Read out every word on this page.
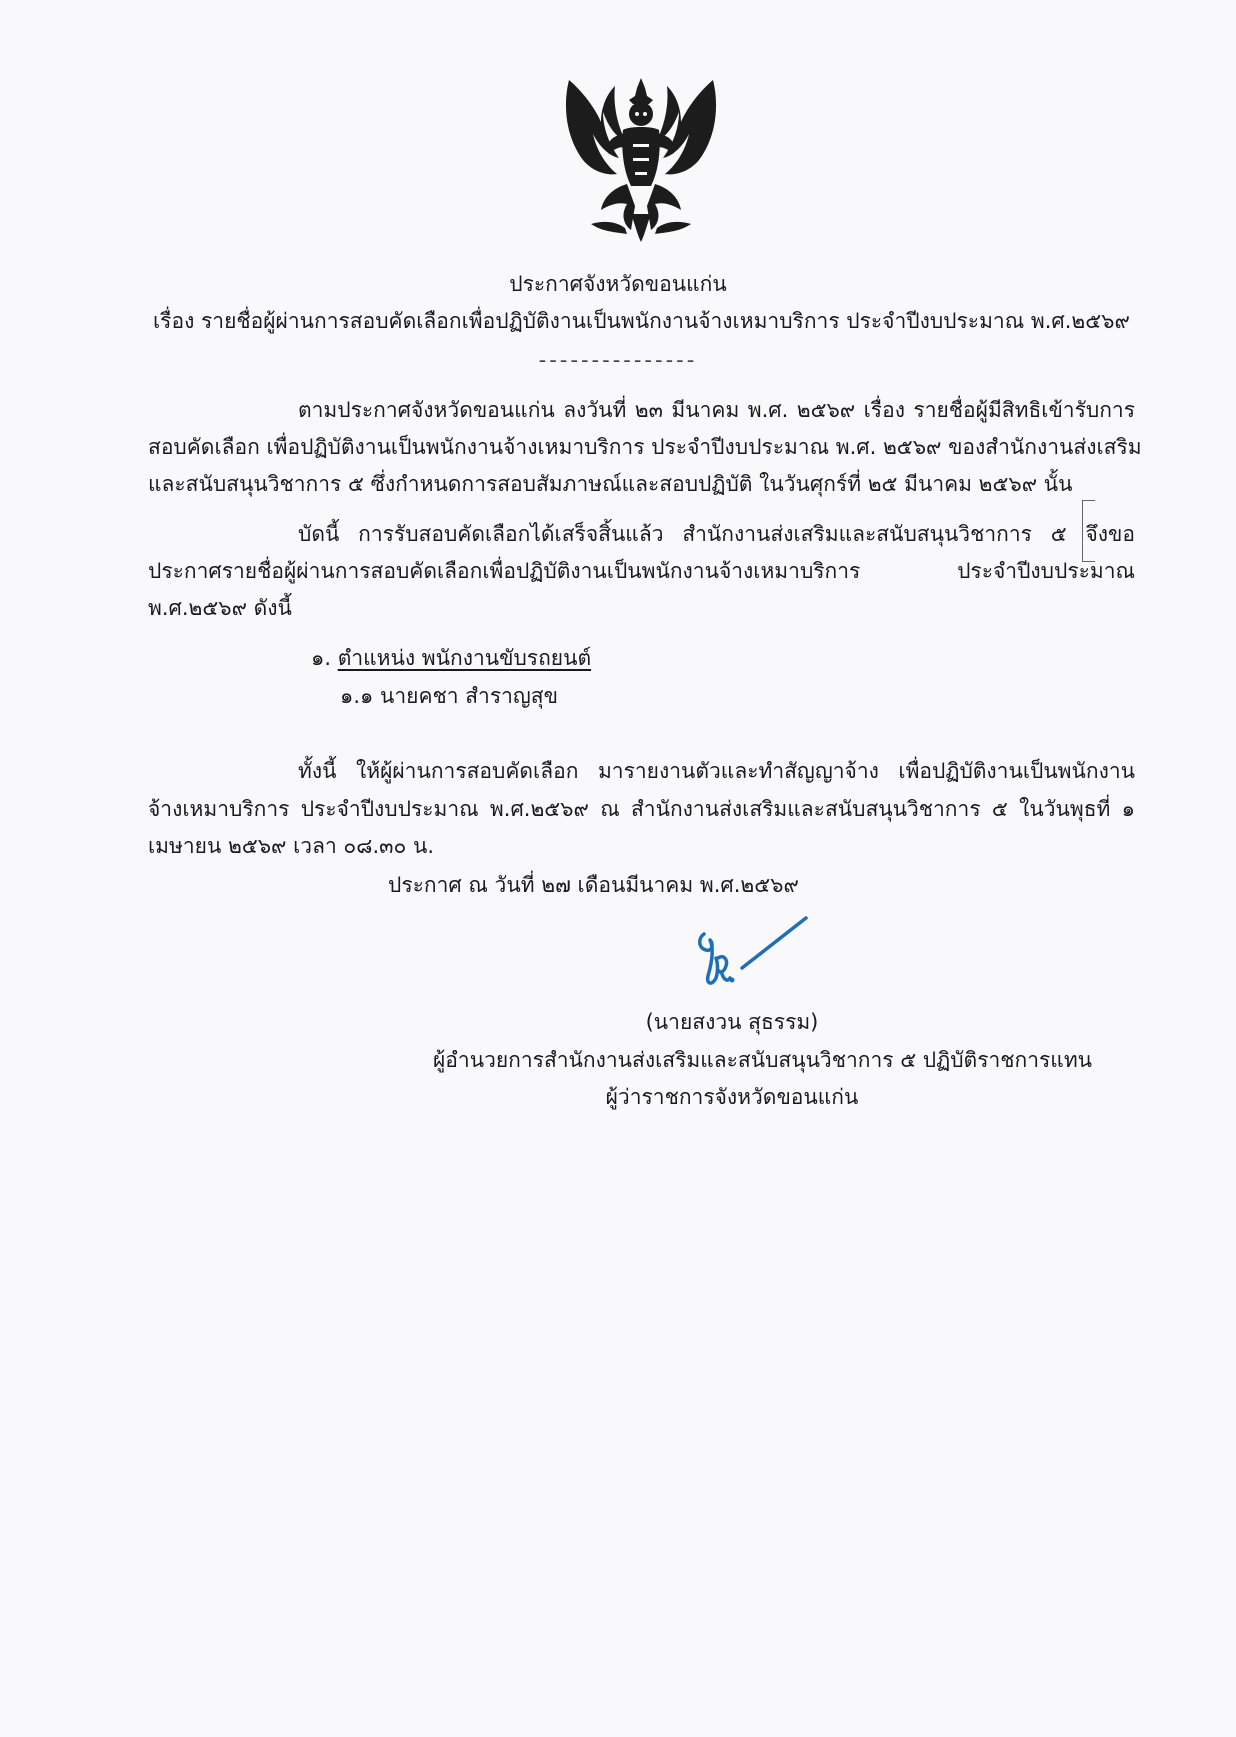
ประกาศจังหวัดขอนแก่น
เรื่อง รายชื่อผู้ผ่านการสอบคัดเลือกเพื่อปฏิบัติงานเป็นพนักงานจ้างเหมาบริการ ประจำปีงบประมาณ พ.ศ.๒๕๖๙
---------------
ตามประกาศจังหวัดขอนแก่น ลงวันที่ ๒๓ มีนาคม พ.ศ. ๒๕๖๙ เรื่อง รายชื่อผู้มีสิทธิเข้ารับการ
สอบคัดเลือก เพื่อปฏิบัติงานเป็นพนักงานจ้างเหมาบริการ ประจำปีงบประมาณ พ.ศ. ๒๕๖๙ ของสำนักงานส่งเสริม
และสนับสนุนวิชาการ ๕ ซึ่งกำหนดการสอบสัมภาษณ์และสอบปฏิบัติ ในวันศุกร์ที่ ๒๕ มีนาคม ๒๕๖๙ นั้น
บัดนี้ การรับสอบคัดเลือกได้เสร็จสิ้นแล้ว สำนักงานส่งเสริมและสนับสนุนวิชาการ ๕ จึงขอ
ประกาศรายชื่อผู้ผ่านการสอบคัดเลือกเพื่อปฏิบัติงานเป็นพนักงานจ้างเหมาบริการ ประจำปีงบประมาณ
พ.ศ.๒๕๖๙ ดังนี้
๑. ตำแหน่ง พนักงานขับรถยนต์
๑.๑ นายคชา สำราญสุข
ทั้งนี้ ให้ผู้ผ่านการสอบคัดเลือก มารายงานตัวและทำสัญญาจ้าง เพื่อปฏิบัติงานเป็นพนักงาน
จ้างเหมาบริการ ประจำปีงบประมาณ พ.ศ.๒๕๖๙ ณ สำนักงานส่งเสริมและสนับสนุนวิชาการ ๕ ในวันพุธที่ ๑
เมษายน ๒๕๖๙ เวลา ๐๘.๓๐ น.
ประกาศ ณ วันที่ ๒๗ เดือนมีนาคม พ.ศ.๒๕๖๙
(นายสงวน สุธรรม)
ผู้อำนวยการสำนักงานส่งเสริมและสนับสนุนวิชาการ ๕ ปฏิบัติราชการแทน
ผู้ว่าราชการจังหวัดขอนแก่น
